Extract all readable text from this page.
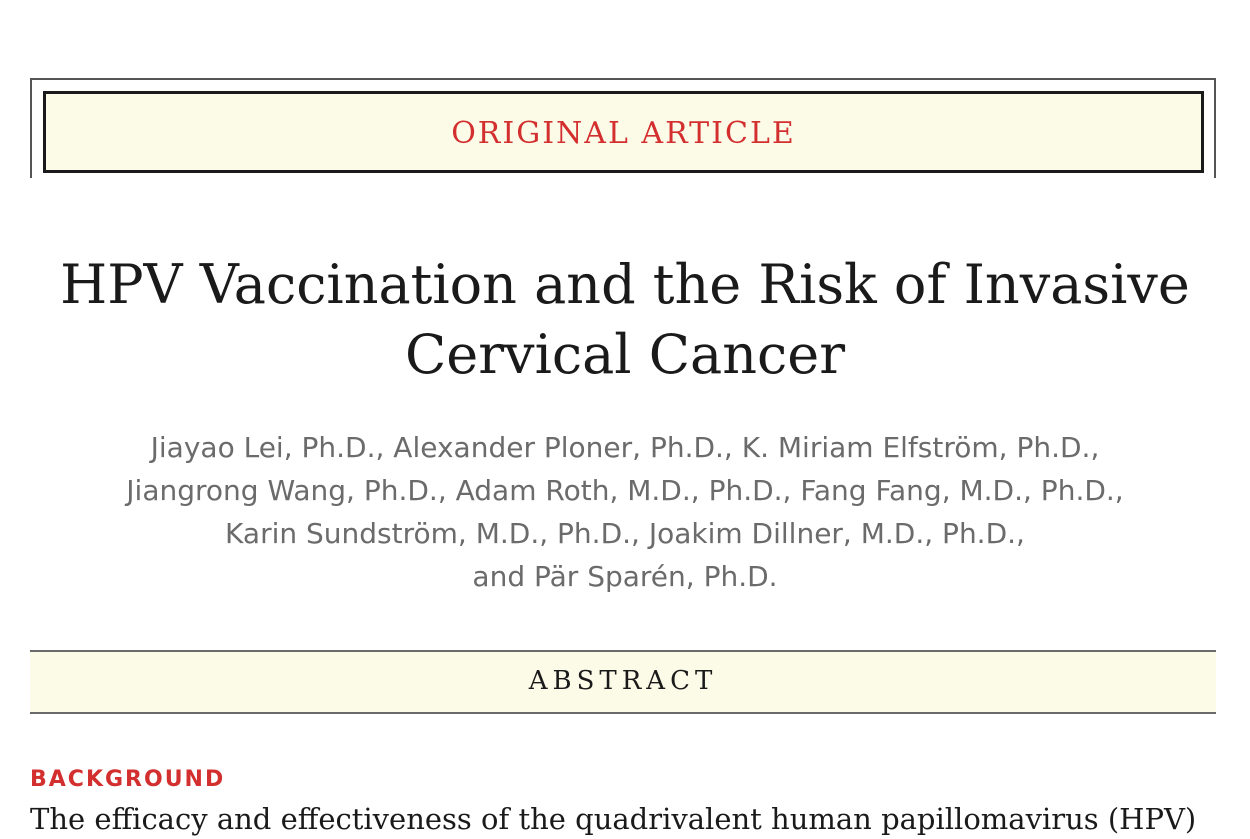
ORIGINAL ARTICLE
HPV Vaccination and the Risk of Invasive
Cervical Cancer
Jiayao Lei, Ph.D., Alexander Ploner, Ph.D., K. Miriam Elfström, Ph.D.,
Jiangrong Wang, Ph.D., Adam Roth, M.D., Ph.D., Fang Fang, M.D., Ph.D.,
Karin Sundström, M.D., Ph.D., Joakim Dillner, M.D., Ph.D.,
and Pär Sparén, Ph.D.
ABSTRACT
BACKGROUND
The efficacy and effectiveness of the quadrivalent human papillomavirus (HPV)
